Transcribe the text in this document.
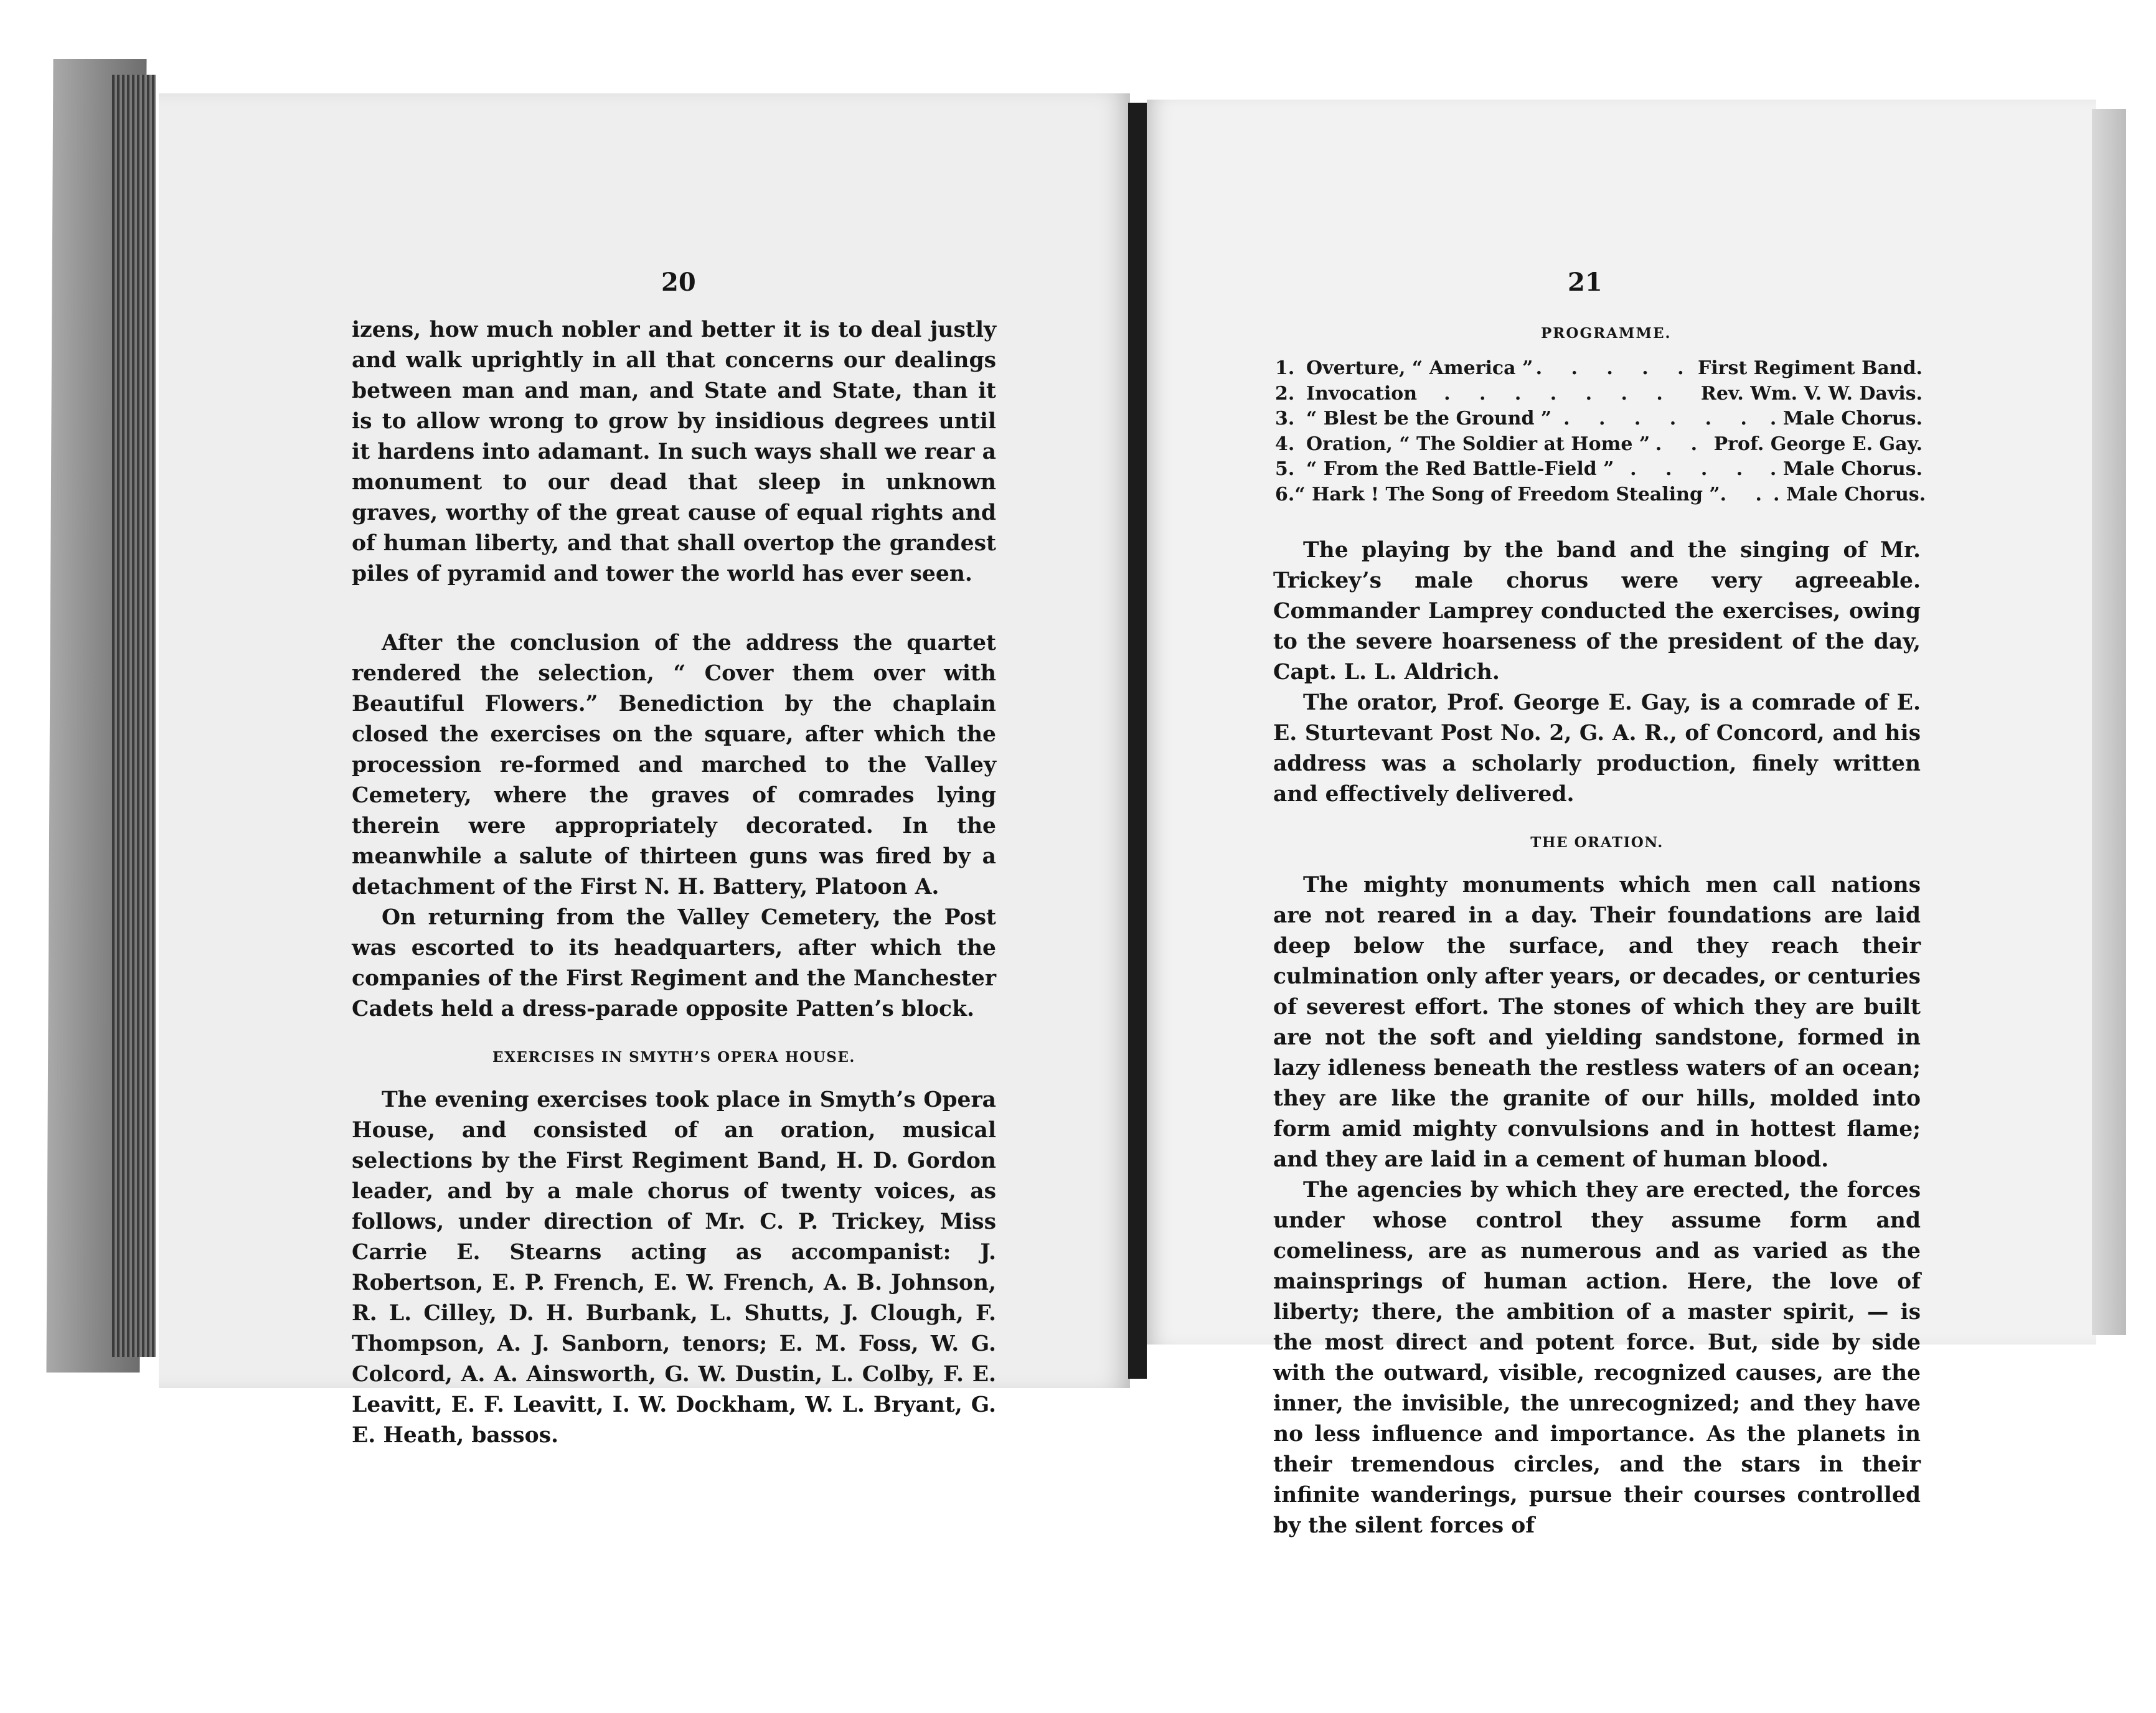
20

izens, how much nobler and better it is to deal justly and walk uprightly in all that concerns our dealings between man and man, and State and State, than it is to allow wrong to grow by insidious degrees until it hardens into adamant. In such ways shall we rear a monument to our dead that sleep in unknown graves, worthy of the great cause of equal rights and of human liberty, and that shall overtop the grandest piles of pyramid and tower the world has ever seen.

After the conclusion of the address the quartet rendered the selection, “ Cover them over with Beautiful Flowers.” Benediction by the chaplain closed the exercises on the square, after which the procession re-formed and marched to the Valley Cemetery, where the graves of comrades lying therein were appropriately decorated. In the meanwhile a salute of thirteen guns was fired by a detachment of the First N. H. Battery, Platoon A.

On returning from the Valley Cemetery, the Post was escorted to its headquarters, after which the companies of the First Regiment and the Manchester Cadets held a dress-parade opposite Patten’s block.

EXERCISES IN SMYTH’S OPERA HOUSE.

The evening exercises took place in Smyth’s Opera House, and consisted of an oration, musical selections by the First Regiment Band, H. D. Gordon leader, and by a male chorus of twenty voices, as follows, under direction of Mr. C. P. Trickey, Miss Carrie E. Stearns acting as accompanist: J. Robertson, E. P. French, E. W. French, A. B. Johnson, R. L. Cilley, D. H. Burbank, L. Shutts, J. Clough, F. Thompson, A. J. Sanborn, tenors; E. M. Foss, W. G. Colcord, A. A. Ainsworth, G. W. Dustin, L. Colby, F. E. Leavitt, E. F. Leavitt, I. W. Dockham, W. L. Bryant, G. E. Heath, bassos.

21
PROGRAMME.
1. Overture, “ America ” . . . . . First Regiment Band.
2. Invocation	. . . . . . .	Rev. Wm. V. W. Davis.
3. “ Blest be the Ground ” . . . . . . . Male Chorus.
4. Oration, “ The Soldier at Home ” . . Prof. George E. Gay.
5. “ From the Red Battle-Field ” . . . . . Male Chorus.
6. “ Hark ! The Song of Freedom Stealing ” . . . Male Chorus.

The playing by the band and the singing of Mr. Trickey’s male chorus were very agreeable. Commander Lamprey conducted the exercises, owing to the severe hoarseness of the president of the day, Capt. L. L. Aldrich.

The orator, Prof. George E. Gay, is a comrade of E. E. Sturtevant Post No. 2, G. A. R., of Concord, and his address was a scholarly production, finely written and effectively delivered.

THE ORATION.

The mighty monuments which men call nations are not reared in a day. Their foundations are laid deep below the surface, and they reach their culmination only after years, or decades, or centuries of severest effort. The stones of which they are built are not the soft and yielding sandstone, formed in lazy idleness beneath the restless waters of an ocean; they are like the granite of our hills, molded into form amid mighty convulsions and in hottest flame; and they are laid in a cement of human blood.

The agencies by which they are erected, the forces under whose control they assume form and comeliness, are as numerous and as varied as the mainsprings of human action. Here, the love of liberty; there, the ambition of a master spirit, — is the most direct and potent force. But, side by side with the outward, visible, recognized causes, are the inner, the invisible, the unrecognized; and they have no less influence and importance. As the planets in their tremendous circles, and the stars in their infinite wanderings, pursue their courses controlled by the silent forces of
